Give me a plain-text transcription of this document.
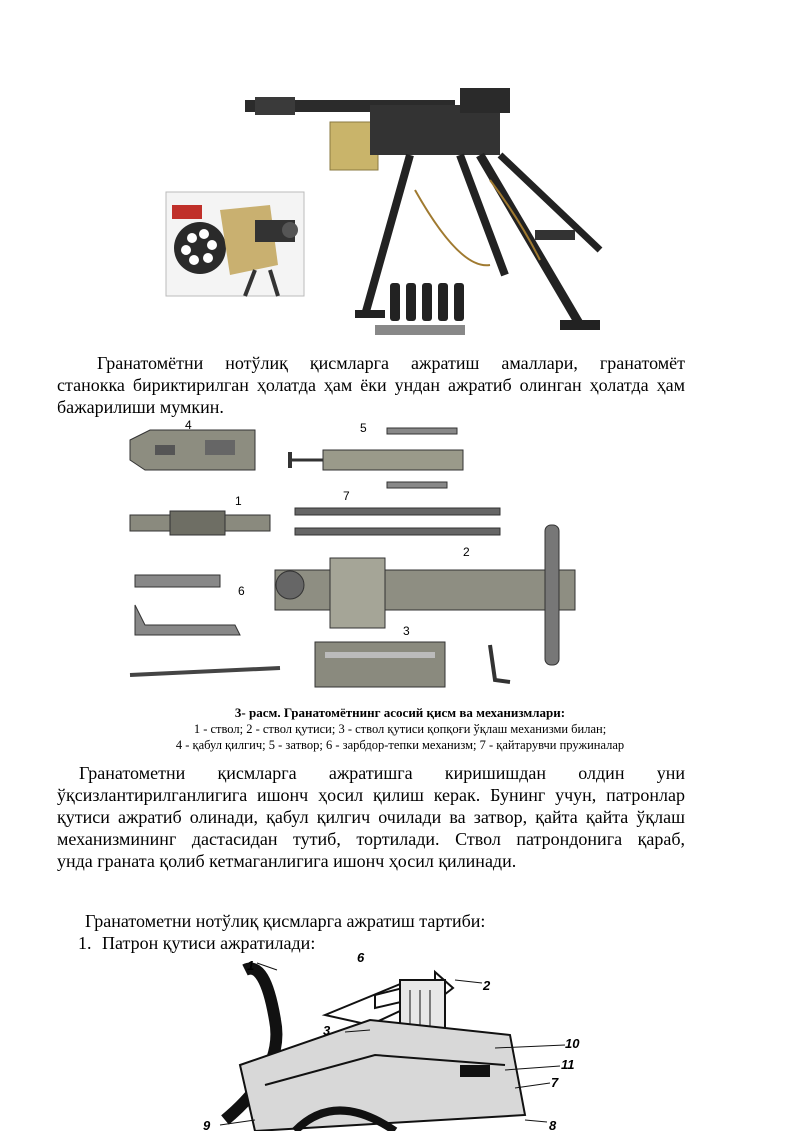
Гранатомётни нотўлиқ қисмларга ажратиш амаллари, гранатомёт

станокка бириктирилган ҳолатда ҳам ёки ундан ажратиб олинган ҳолатда ҳам бажарилиши мумкин.

4	5
1	7
2
6
3
3- расм. Гранатомётнинг асосий қисм ва механизмлари:
1 - ствол; 2 - ствол қутиси; 3 - ствол қутиси қопқоғи ўқлаш механизми билан;
4 - қабул қилгич; 5 - затвор; 6 - зарбдор-тепки механизм; 7 - қайтарувчи пружиналар

Гранатометни қисмларга ажратишга киришишдан олдин уни

ўқсизлантирилганлигига ишонч ҳосил қилиш керак. Бунинг учун, патронлар

қутиси ажратиб олинади, қабул қилгич очилади ва затвор, қайта қайта ўқлаш

механизмининг дастасидан тутиб, тортилади. Ствол патрондонига қараб,

унда граната қолиб кетмаганлигига ишонч ҳосил қилинади.

Гранатометни нотўлиқ қисмларга ажратиш тартиби:
1. Патрон қутиси ажратилади:
1
6
2
3
10
11
7
9	8
